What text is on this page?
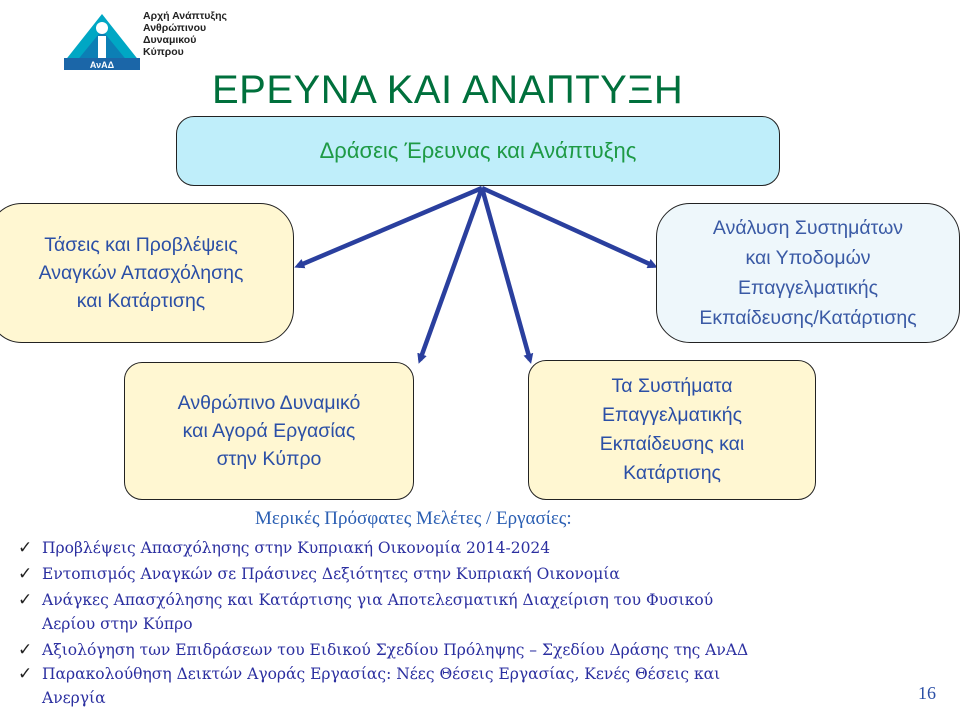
ΑνΑΔ
Αρχή Ανάπτυξης
Ανθρώπινου
Δυναμικού
Κύπρου
ΕΡΕΥΝΑ ΚΑΙ ΑΝΑΠΤΥΞΗ
Δράσεις Έρευνας και Ανάπτυξης
Τάσεις και Προβλέψεις
Αναγκών Απασχόλησης
και Κατάρτισης
Ανάλυση Συστημάτων
και Υποδομών
Επαγγελματικής
Εκπαίδευσης/Κατάρτισης
Ανθρώπινο Δυναμικό
και Αγορά Εργασίας
στην Κύπρο
Τα Συστήματα
Επαγγελματικής
Εκπαίδευσης και
Κατάρτισης
Μερικές Πρόσφατες Μελέτες / Εργασίες:
✓ Προβλέψεις Απασχόλησης στην Κυπριακή Οικονομία 2014-2024
✓ Εντοπισμός Αναγκών σε Πράσινες Δεξιότητες στην Κυπριακή Οικονομία
✓ Ανάγκες Απασχόλησης και Κατάρτισης για Αποτελεσματική Διαχείριση του Φυσικού
Αερίου στην Κύπρο
✓ Αξιολόγηση των Επιδράσεων του Ειδικού Σχεδίου Πρόληψης – Σχεδίου Δράσης της ΑνΑΔ
✓ Παρακολούθηση Δεικτών Αγοράς Εργασίας: Νέες Θέσεις Εργασίας, Κενές Θέσεις και
Ανεργία	16
